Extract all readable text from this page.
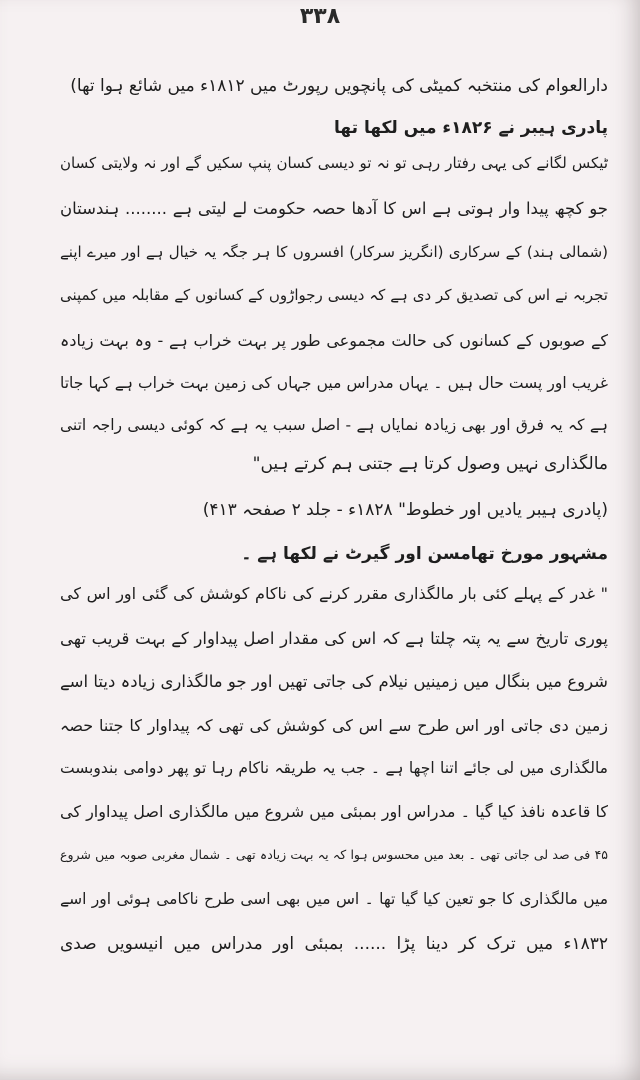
۳۳۸
دارالعوام کی منتخبہ کمیٹی کی پانچویں رپورٹ میں ۱۸۱۲ء میں شائع ہوا تھا)
پادری ہیبر نے ۱۸۲۶ء میں لکھا تھا
ٹیکس لگانے کی یہی رفتار رہی تو نہ تو دیسی کسان پنپ سکیں گے اور نہ ولایتی کسان
جو کچھ پیدا وار ہوتی ہے اس کا آدھا حصہ حکومت لے لیتی ہے ........ ہندستان
(شمالی ہند) کے سرکاری (انگریز سرکار) افسروں کا ہر جگہ یہ خیال ہے اور میرے اپنے
تجربہ نے اس کی تصدیق کر دی ہے کہ دیسی رجواڑوں کے کسانوں کے مقابلہ میں کمپنی
کے صوبوں کے کسانوں کی حالت مجموعی طور پر بہت خراب ہے - وہ بہت زیادہ
غریب اور پست حال ہیں ۔ یہاں مدراس میں جہاں کی زمین بہت خراب ہے کہا جاتا
ہے کہ یہ فرق اور بھی زیادہ نمایاں ہے - اصل سبب یہ ہے کہ کوئی دیسی راجہ اتنی
مالگذاری نہیں وصول کرتا ہے جتنی ہم کرتے ہیں"
(پادری ہیبر یادیں اور خطوط" ۱۸۲۸ء - جلد ۲ صفحہ ۴۱۳)
مشہور مورخ تھامسن اور گیرٹ نے لکھا ہے ۔
" غدر کے پہلے کئی بار مالگذاری مقرر کرنے کی ناکام کوشش کی گئی اور اس کی
پوری تاریخ سے یہ پتہ چلتا ہے کہ اس کی مقدار اصل پیداوار کے بہت قریب تھی
شروع میں بنگال میں زمینیں نیلام کی جاتی تھیں اور جو مالگذاری زیادہ دیتا اسے
زمین دی جاتی اور اس طرح سے اس کی کوشش کی تھی کہ پیداوار کا جتنا حصہ
مالگذاری میں لی جائے اتنا اچھا ہے ۔ جب یہ طریقہ ناکام رہا تو پھر دوامی بندوبست
کا قاعدہ نافذ کیا گیا ۔ مدراس اور بمبئی میں شروع میں مالگذاری اصل پیداوار کی
۴۵ فی صد لی جاتی تھی ۔ بعد میں محسوس ہوا کہ یہ بہت زیادہ تھی ۔ شمال مغربی صوبہ میں شروع
میں مالگذاری کا جو تعین کیا گیا تھا ۔ اس میں بھی اسی طرح ناکامی ہوئی اور اسے
۱۸۳۲ء میں ترک کر دینا پڑا ...... بمبئی اور مدراس میں انیسویں صدی
